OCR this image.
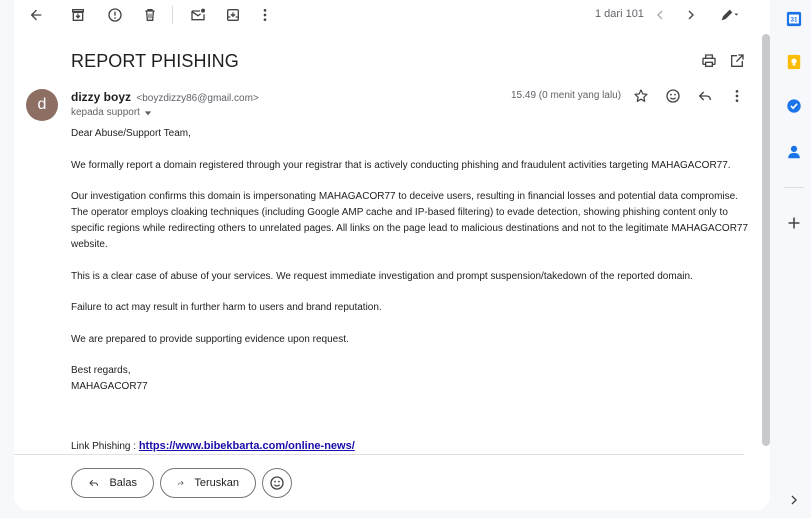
1 dari 101
REPORT PHISHING
d	dizzy boyz <boyzdizzy86@gmail.com>
kepada support
15.49 (0 menit yang lalu)

Dear Abuse/Support Team,

We formally report a domain registered through your registrar that is actively conducting phishing and fraudulent activities targeting MAHAGACOR77.

Our investigation confirms this domain is impersonating MAHAGACOR77 to deceive users, resulting in financial losses and potential data compromise. The operator employs cloaking techniques (including Google AMP cache and IP-based filtering) to evade detection, showing phishing content only to specific regions while redirecting others to unrelated pages. All links on the page lead to malicious destinations and not to the legitimate MAHAGACOR77 website.

This is a clear case of abuse of your services. We request immediate investigation and prompt suspension/takedown of the reported domain.

Failure to act may result in further harm to users and brand reputation.

We are prepared to provide supporting evidence upon request.

Best regards,
MAHAGACOR77
Link Phishing : https://www.bibekbarta.com/online-news/
Balas	Teruskan
31
